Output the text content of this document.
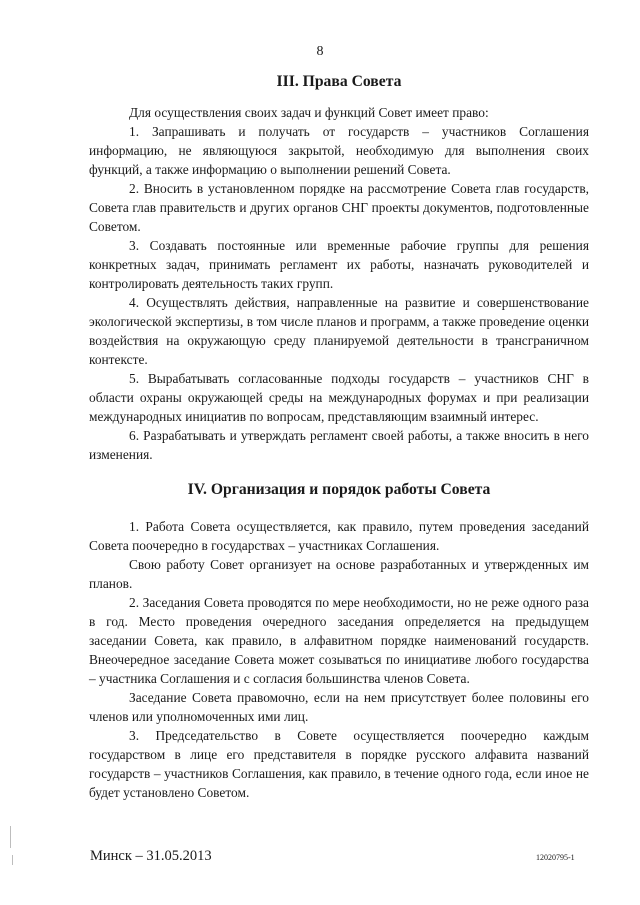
8
III. Права Совета

Для осуществления своих задач и функций Совет имеет право:

1. Запрашивать и получать от государств – участников Соглашения информацию, не являющуюся закрытой, необходимую для выполнения своих функций, а также информацию о выполнении решений Совета.

2. Вносить в установленном порядке на рассмотрение Совета глав государств, Совета глав правительств и других органов СНГ проекты документов, подготовленные Советом.

3. Создавать постоянные или временные рабочие группы для решения конкретных задач, принимать регламент их работы, назначать руководителей и контролировать деятельность таких групп.

4. Осуществлять действия, направленные на развитие и совершенствование экологической экспертизы, в том числе планов и программ, а также проведение оценки воздействия на окружающую среду планируемой деятельности в трансграничном контексте.

5. Вырабатывать согласованные подходы государств – участников СНГ в области охраны окружающей среды на международных форумах и при реализации международных инициатив по вопросам, представляющим взаимный интерес.

6. Разрабатывать и утверждать регламент своей работы, а также вносить в него изменения.

IV. Организация и порядок работы Совета

1. Работа Совета осуществляется, как правило, путем проведения заседаний Совета поочередно в государствах – участниках Соглашения.

Свою работу Совет организует на основе разработанных и утвержденных им планов.

2. Заседания Совета проводятся по мере необходимости, но не реже одного раза в год. Место проведения очередного заседания определяется на предыдущем заседании Совета, как правило, в алфавитном порядке наименований государств. Внеочередное заседание Совета может созываться по инициативе любого государства – участника Соглашения и с согласия большинства членов Совета.

Заседание Совета правомочно, если на нем присутствует более половины его членов или уполномоченных ими лиц.

3. Председательство в Совете осуществляется поочередно каждым государством в лице его представителя в порядке русского алфавита названий государств – участников Соглашения, как правило, в течение одного года, если иное не будет установлено Советом.

Минск – 31.05.2013	12020795-1
